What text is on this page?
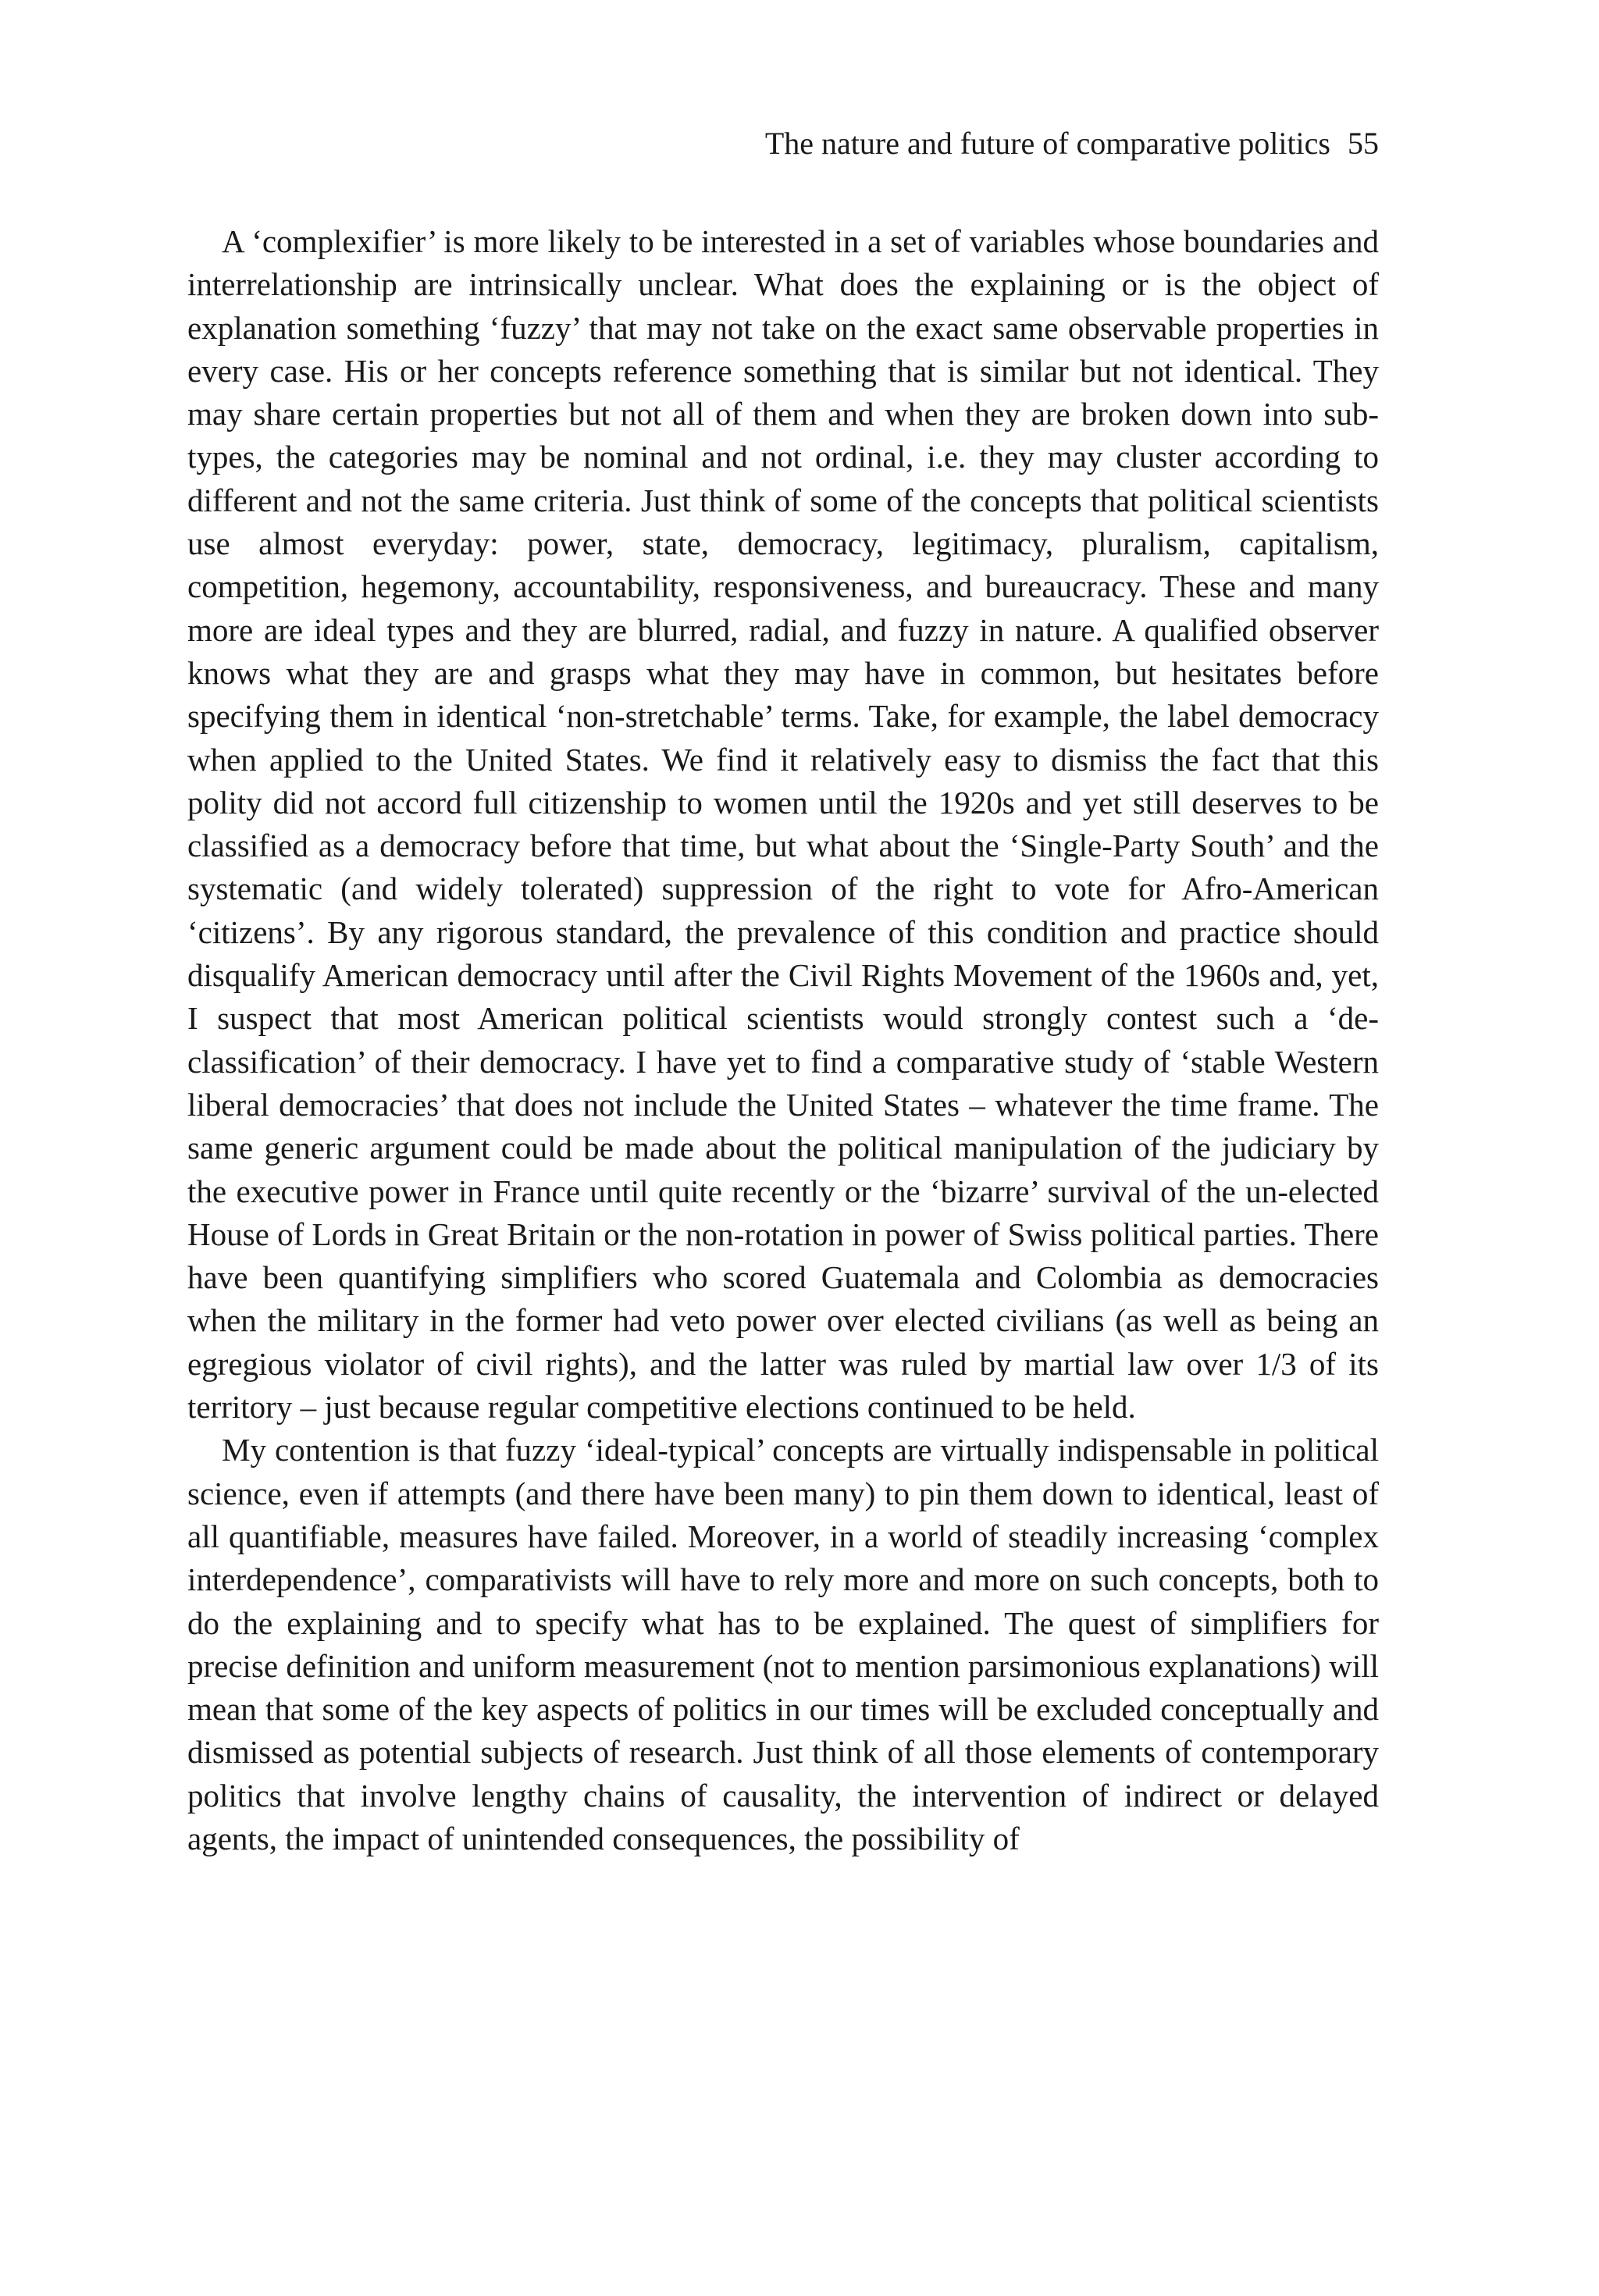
The nature and future of comparative politics 55

A ‘complexifier’ is more likely to be interested in a set of variables whose boundaries and interrelationship are intrinsically unclear. What does the explaining or is the object of explanation something ‘fuzzy’ that may not take on the exact same observable properties in every case. His or her concepts reference something that is similar but not identical. They may share certain properties but not all of them and when they are broken down into sub-types, the categories may be nominal and not ordinal, i.e. they may cluster according to different and not the same criteria. Just think of some of the concepts that political scientists use almost everyday: power, state, democracy, legitimacy, pluralism, capitalism, competition, hegemony, accountability, responsiveness, and bureaucracy. These and many more are ideal types and they are blurred, radial, and fuzzy in nature. A qualified observer knows what they are and grasps what they may have in common, but hesitates before specifying them in identical ‘non-stretchable’ terms. Take, for example, the label democracy when applied to the United States. We find it relatively easy to dismiss the fact that this polity did not accord full citizenship to women until the 1920s and yet still deserves to be classified as a democracy before that time, but what about the ‘Single-Party South’ and the systematic (and widely tolerated) suppression of the right to vote for Afro-American ‘citizens’. By any rigorous standard, the prevalence of this condition and practice should disqualify American democracy until after the Civil Rights Movement of the 1960s and, yet, I suspect that most American political scientists would strongly contest such a ‘de-classification’ of their democracy. I have yet to find a comparative study of ‘stable Western liberal democracies’ that does not include the United States – whatever the time frame. The same generic argument could be made about the political manipulation of the judiciary by the executive power in France until quite recently or the ‘bizarre’ survival of the un-elected House of Lords in Great Britain or the non-rotation in power of Swiss political parties. There have been quantifying simplifiers who scored Guatemala and Colombia as democracies when the military in the former had veto power over elected civilians (as well as being an egregious violator of civil rights), and the latter was ruled by martial law over 1/3 of its territory – just because regular competitive elections continued to be held.

My contention is that fuzzy ‘ideal-typical’ concepts are virtually indispensable in political science, even if attempts (and there have been many) to pin them down to identical, least of all quantifiable, measures have failed. Moreover, in a world of steadily increasing ‘complex interdependence’, comparativists will have to rely more and more on such concepts, both to do the explaining and to specify what has to be explained. The quest of simplifiers for precise definition and uniform measurement (not to mention parsimonious explanations) will mean that some of the key aspects of politics in our times will be excluded conceptually and dismissed as potential subjects of research. Just think of all those elements of contemporary politics that involve lengthy chains of causality, the intervention of indirect or delayed agents, the impact of unintended consequences, the possibility of
